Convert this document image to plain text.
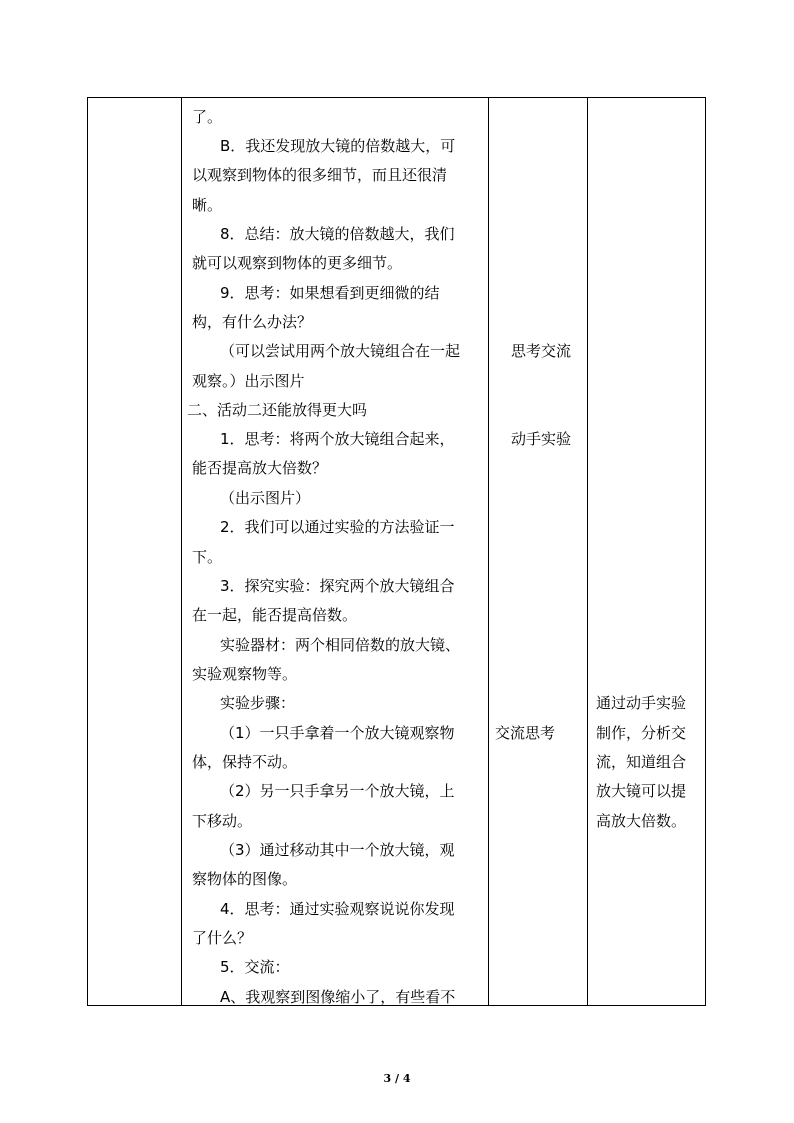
了。
B．我还发现放大镜的倍数越大，可
以观察到物体的很多细节，而且还很清
晰。
8．总结：放大镜的倍数越大，我们
就可以观察到物体的更多细节。
9．思考：如果想看到更细微的结
构，有什么办法？
（可以尝试用两个放大镜组合在一起
观察。）出示图片
二、活动二还能放得更大吗
1．思考：将两个放大镜组合起来，
能否提高放大倍数？
（出示图片）
2．我们可以通过实验的方法验证一
下。
3．探究实验：探究两个放大镜组合
在一起，能否提高倍数。
实验器材：两个相同倍数的放大镜、
实验观察物等。
实验步骤：
（1）一只手拿着一个放大镜观察物
体，保持不动。
（2）另一只手拿另一个放大镜，上
下移动。
（3）通过移动其中一个放大镜，观
察物体的图像。
4．思考：通过实验观察说说你发现
了什么？
5．交流：
A、我观察到图像缩小了，有些看不
思考交流
动手实验
交流思考
通过动手实验
制作，分析交
流，知道组合
放大镜可以提
高放大倍数。
3 / 4
